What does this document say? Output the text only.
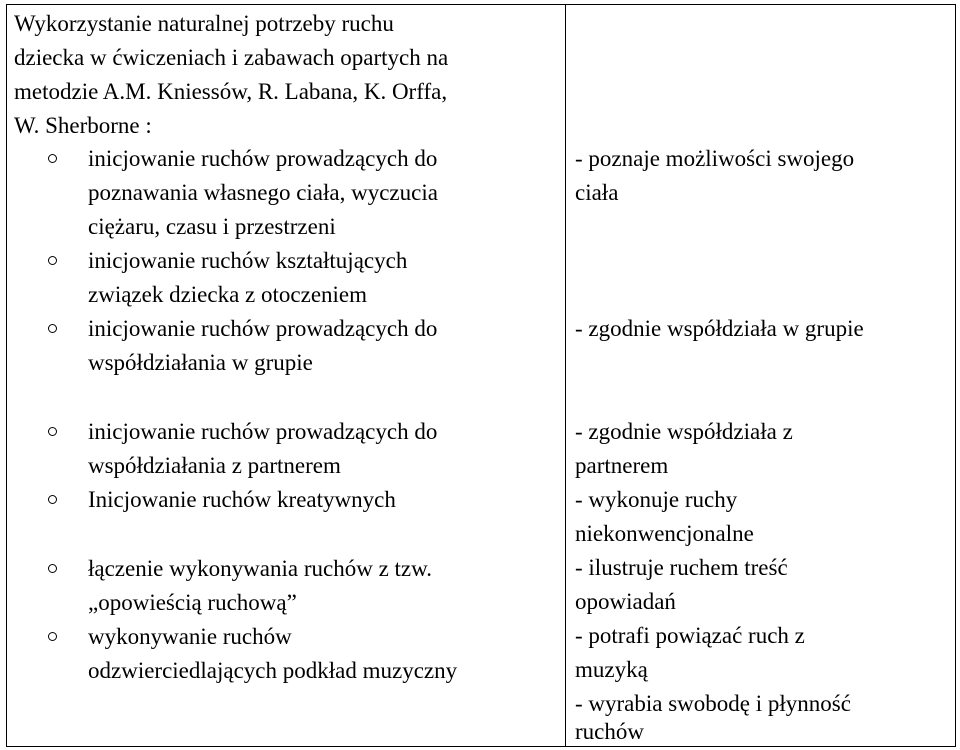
Wykorzystanie naturalnej potrzeby ruchu
dziecka w ćwiczeniach i zabawach opartych na
metodzie A.M. Kniessów, R. Labana, K. Orffa,
W. Sherborne :
inicjowanie ruchów prowadzących do
poznawania własnego ciała, wyczucia
ciężaru, czasu i przestrzeni
inicjowanie ruchów kształtujących
związek dziecka z otoczeniem
inicjowanie ruchów prowadzących do
współdziałania w grupie
inicjowanie ruchów prowadzących do
współdziałania z partnerem
Inicjowanie ruchów kreatywnych
łączenie wykonywania ruchów z tzw.
„opowieścią ruchową”
wykonywanie ruchów
odzwierciedlających podkład muzyczny
- poznaje możliwości swojego
ciała
- zgodnie współdziała w grupie
- zgodnie współdziała z
partnerem
- wykonuje ruchy
niekonwencjonalne
- ilustruje ruchem treść
opowiadań
- potrafi powiązać ruch z
muzyką
- wyrabia swobodę i płynność
ruchów
